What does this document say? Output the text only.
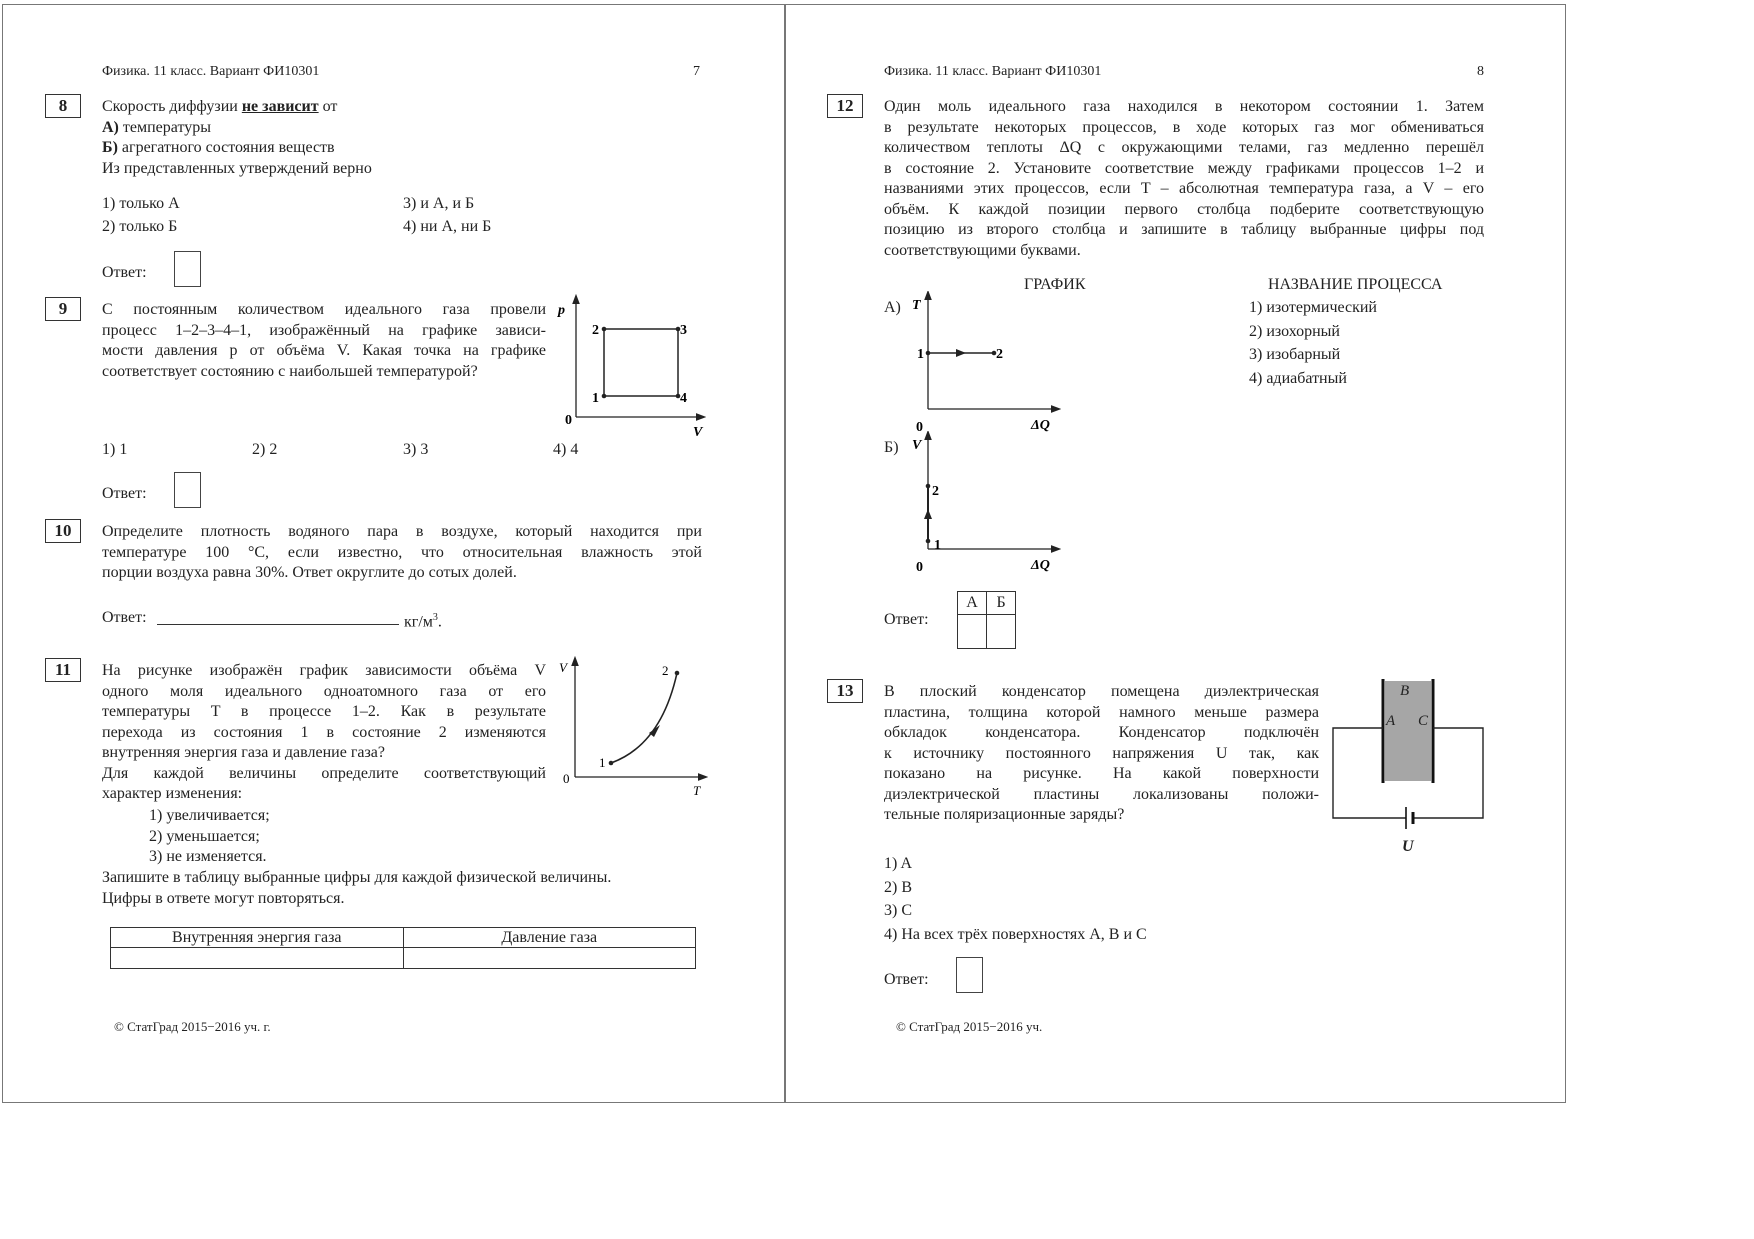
Физика. 11 класс. Вариант ФИ10301	7
8	Скорость диффузии не зависит от
А) температуры
Б) агрегатного состояния веществ
Из представленных утверждений верно
1) только А
2) только Б
3) и А, и Б
4) ни А, ни Б
Ответ:
9	С постоянным количеством идеального газа провели
процесс 1–2–3–4–1, изображённый на графике зависи-
мости давления p от объёма V. Какая точка на графике
соответствует состоянию с наибольшей температурой?
p
V
0
2	3
1	4
1) 1	2) 2	3) 3	4) 4
Ответ:
10	Определите плотность водяного пара в воздухе, который находится при
температуре 100 °С, если известно, что относительная влажность этой
порции воздуха равна 30%. Ответ округлите до сотых долей.
Ответ:	$кг/м^3$.
11	На рисунке изображён график зависимости объёма V
одного моля идеального одноатомного газа от его
температуры T в процессе 1–2. Как в результате
перехода из состояния 1 в состояние 2 изменяются
внутренняя энергия газа и давление газа?
Для каждой величины определите соответствующий
характер изменения:
1) увеличивается;
2) уменьшается;
3) не изменяется.
Запишите в таблицу выбранные цифры для каждой физической величины.
Цифры в ответе могут повторяться.
V
T
0
1
2
Внутренняя энергия газа	Давление газа

© СтатГрад 2015−2016 уч. г.
Физика. 11 класс. Вариант ФИ10301	8
12	Один моль идеального газа находился в некотором состоянии 1. Затем
в результате некоторых процессов, в ходе которых газ мог обмениваться
количеством теплоты ΔQ с окружающими телами, газ медленно перешёл
в состояние 2. Установите соответствие между графиками процессов 1–2 и
названиями этих процессов, если T – абсолютная температура газа, а V – его
объём. К каждой позиции первого столбца подберите соответствующую
позицию из второго столбца и запишите в таблицу выбранные цифры под
соответствующими буквами.
ГРАФИК	НАЗВАНИЕ ПРОЦЕССА
1) изотермический
2) изохорный
3) изобарный
4) адиабатный
А) T
ΔQ
0
1	2
Б) V
ΔQ
0
2
1
Ответ:
А	Б

13	В плоский конденсатор помещена диэлектрическая
пластина, толщина которой намного меньше размера
обкладок конденсатора. Конденсатор подключён
к источнику постоянного напряжения U так, как
показано на рисунке. На какой поверхности
диэлектрической пластины локализованы положи-
тельные поляризационные заряды?
B
A C
U
1) A
2) B
3) C
4) На всех трёх поверхностях A, B и C
Ответ:
© СтатГрад 2015−2016 уч.
